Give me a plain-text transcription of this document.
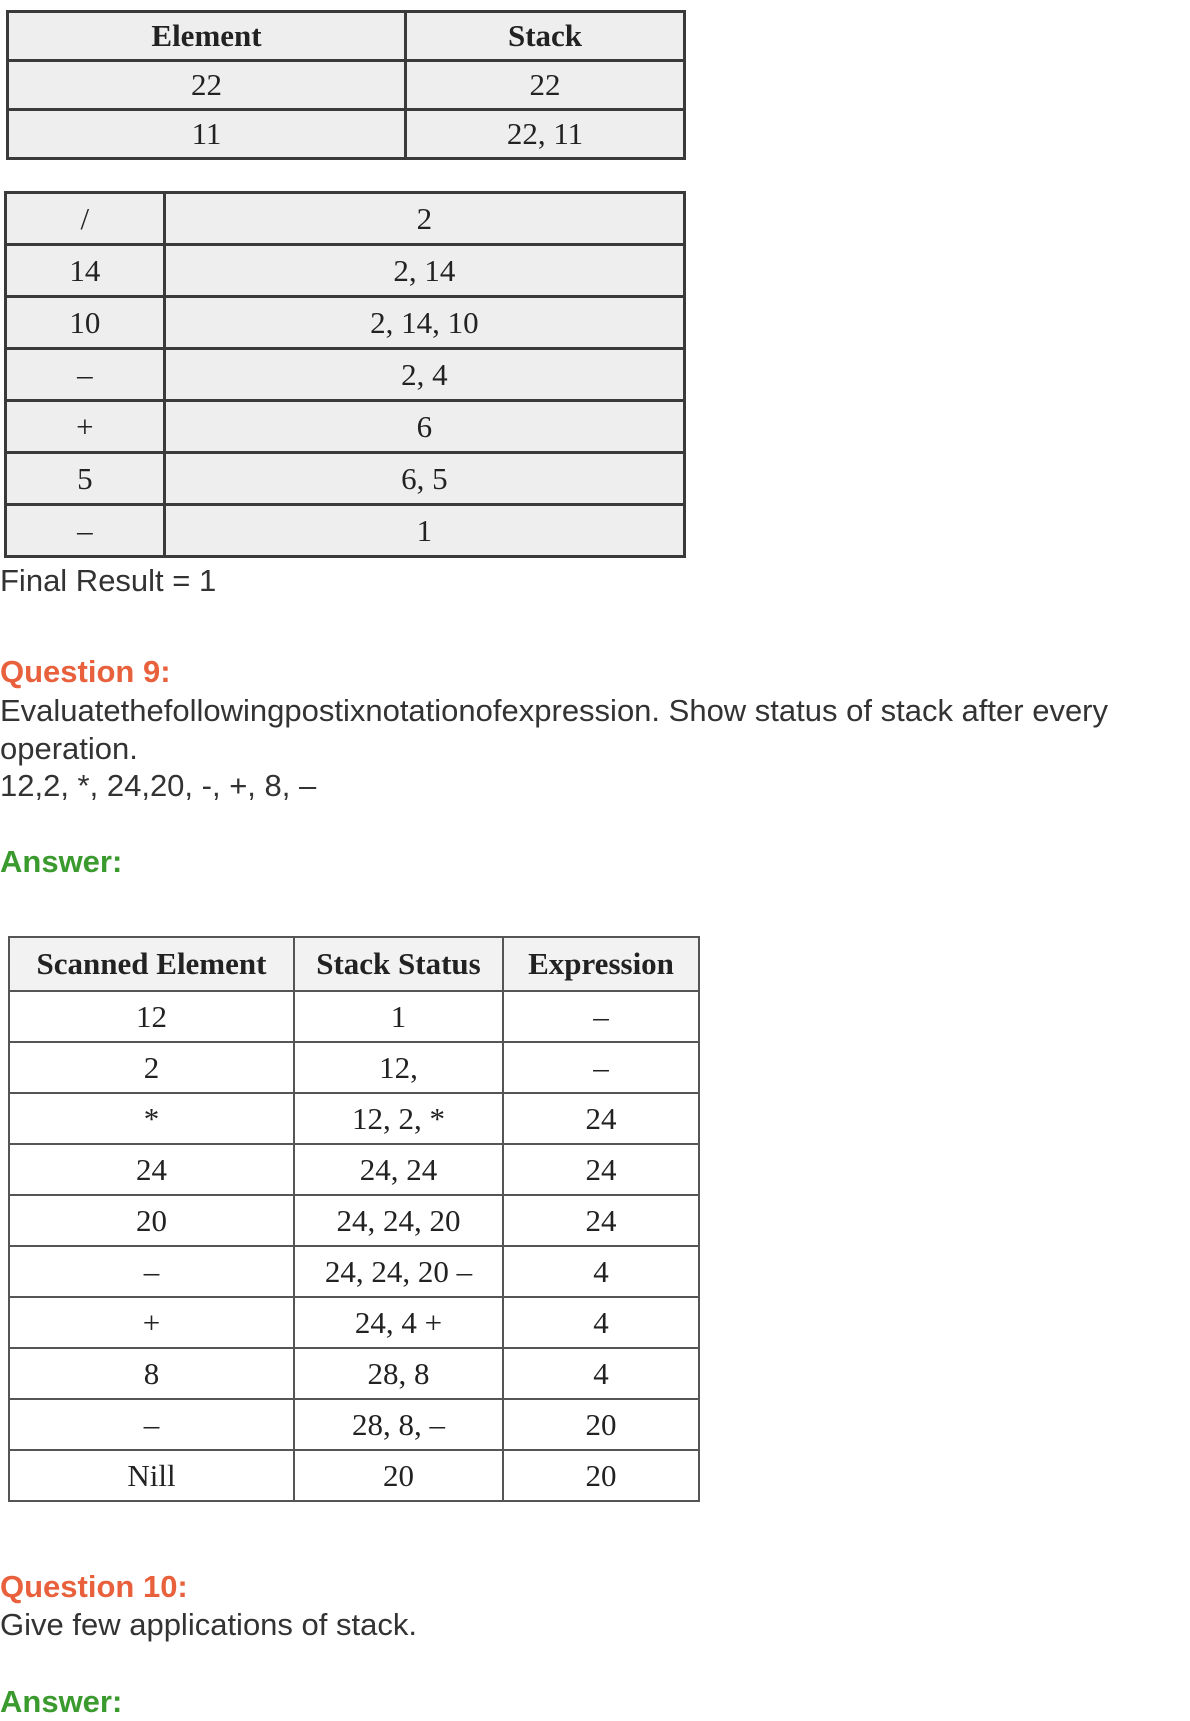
Element	Stack
22	22
11	22, 11
/	2
14	2, 14
10	2, 14, 10
–	2, 4
+	6
5	6, 5
–	1

Final Result = 1

Question 9:

Evaluatethefollowingpostixnotationofexpression. Show status of stack after every

operation.

12,2, *, 24,20, -, +, 8, –

Answer:

Scanned Element	Stack Status	Expression
12	1	–
2	12,	–
*	12, 2, *	24
24	24, 24	24
20	24, 24, 20	24
–	24, 24, 20 –	4
+	24, 4 +	4
8	28, 8	4
–	28, 8, –	20
Nill	20	20

Question 10:

Give few applications of stack.

Answer:
